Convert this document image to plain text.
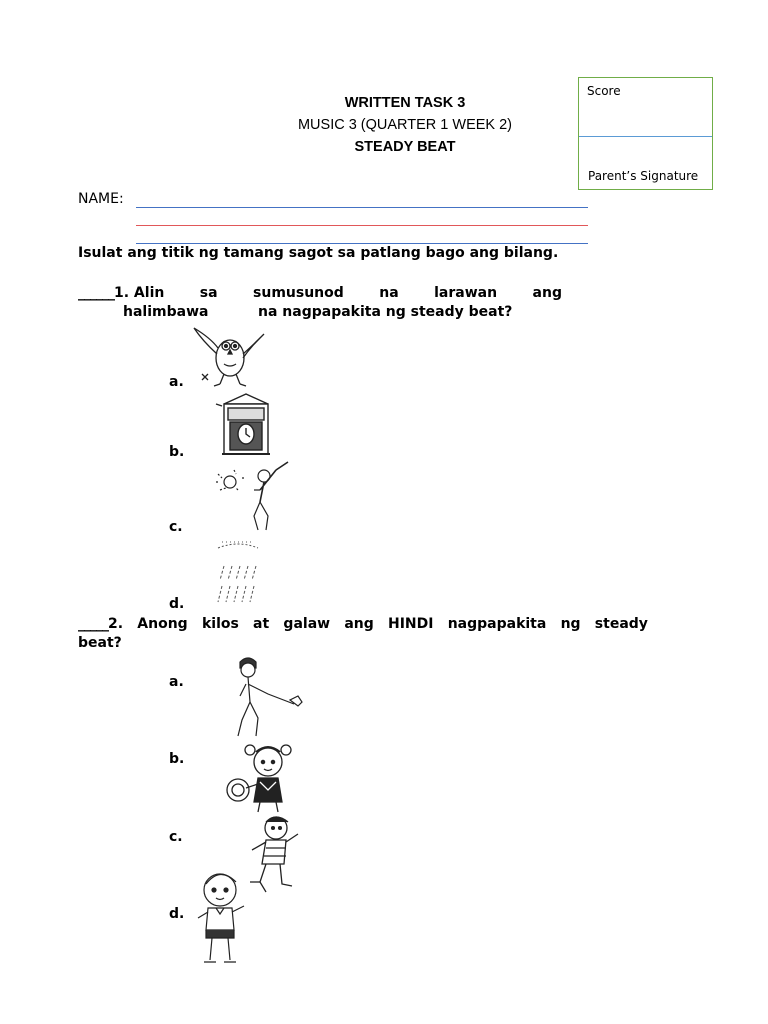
WRITTEN TASK 3
MUSIC 3 (QUARTER 1 WEEK 2)
STEADY BEAT
Score
Parent’s Signature
NAME:
Isulat ang titik ng tamang sagot sa patlang bago ang bilang.
______1. Alin	sa	sumusunod	na	larawan	ang
halimbawa	na nagpapakita ng steady beat?
a.
b.
c.
d.
_____2. Anong kilos at galaw ang HINDI nagpapakita ng steady
beat?
a.
b.
c.
d.
